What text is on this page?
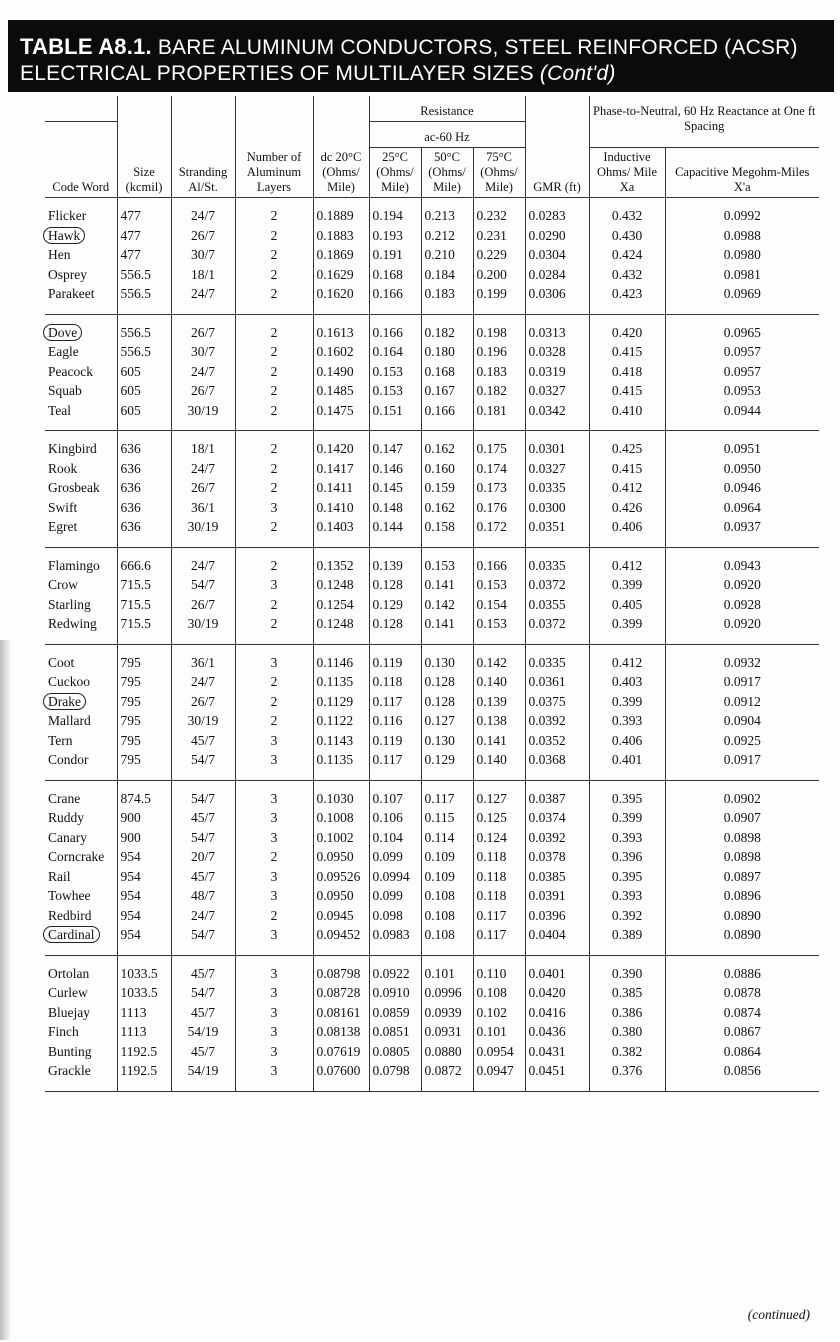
TABLE A8.1. BARE ALUMINUM CONDUCTORS, STEEL REINFORCED (ACSR)
ELECTRICAL PROPERTIES OF MULTILAYER SIZES (Cont'd)
					Resistance				Phase-to-Neutral, 60 Hz Reactance at One ft Spacing	
					ac-60 Hz					
Code Word	Size (kcmil)	Stranding Al/St.	Number of Aluminum Layers	dc 20°C (Ohms/ Mile)	25°C (Ohms/ Mile)	50°C (Ohms/ Mile)	75°C (Ohms/ Mile)	GMR (ft)	Inductive Ohms/ Mile Xa	Capacitive Megohm-Miles X'a
Flicker	477	24/7	2	0.1889	0.194	0.213	0.232	0.0283	0.432	0.0992
Hawk	477	26/7	2	0.1883	0.193	0.212	0.231	0.0290	0.430	0.0988
Hen	477	30/7	2	0.1869	0.191	0.210	0.229	0.0304	0.424	0.0980
Osprey	556.5	18/1	2	0.1629	0.168	0.184	0.200	0.0284	0.432	0.0981
Parakeet	556.5	24/7	2	0.1620	0.166	0.183	0.199	0.0306	0.423	0.0969
Dove	556.5	26/7	2	0.1613	0.166	0.182	0.198	0.0313	0.420	0.0965
Eagle	556.5	30/7	2	0.1602	0.164	0.180	0.196	0.0328	0.415	0.0957
Peacock	605	24/7	2	0.1490	0.153	0.168	0.183	0.0319	0.418	0.0957
Squab	605	26/7	2	0.1485	0.153	0.167	0.182	0.0327	0.415	0.0953
Teal	605	30/19	2	0.1475	0.151	0.166	0.181	0.0342	0.410	0.0944
Kingbird	636	18/1	2	0.1420	0.147	0.162	0.175	0.0301	0.425	0.0951
Rook	636	24/7	2	0.1417	0.146	0.160	0.174	0.0327	0.415	0.0950
Grosbeak	636	26/7	2	0.1411	0.145	0.159	0.173	0.0335	0.412	0.0946
Swift	636	36/1	3	0.1410	0.148	0.162	0.176	0.0300	0.426	0.0964
Egret	636	30/19	2	0.1403	0.144	0.158	0.172	0.0351	0.406	0.0937
Flamingo	666.6	24/7	2	0.1352	0.139	0.153	0.166	0.0335	0.412	0.0943
Crow	715.5	54/7	3	0.1248	0.128	0.141	0.153	0.0372	0.399	0.0920
Starling	715.5	26/7	2	0.1254	0.129	0.142	0.154	0.0355	0.405	0.0928
Redwing	715.5	30/19	2	0.1248	0.128	0.141	0.153	0.0372	0.399	0.0920
Coot	795	36/1	3	0.1146	0.119	0.130	0.142	0.0335	0.412	0.0932
Cuckoo	795	24/7	2	0.1135	0.118	0.128	0.140	0.0361	0.403	0.0917
Drake	795	26/7	2	0.1129	0.117	0.128	0.139	0.0375	0.399	0.0912
Mallard	795	30/19	2	0.1122	0.116	0.127	0.138	0.0392	0.393	0.0904
Tern	795	45/7	3	0.1143	0.119	0.130	0.141	0.0352	0.406	0.0925
Condor	795	54/7	3	0.1135	0.117	0.129	0.140	0.0368	0.401	0.0917
Crane	874.5	54/7	3	0.1030	0.107	0.117	0.127	0.0387	0.395	0.0902
Ruddy	900	45/7	3	0.1008	0.106	0.115	0.125	0.0374	0.399	0.0907
Canary	900	54/7	3	0.1002	0.104	0.114	0.124	0.0392	0.393	0.0898
Corncrake	954	20/7	2	0.0950	0.099	0.109	0.118	0.0378	0.396	0.0898
Rail	954	45/7	3	0.09526	0.0994	0.109	0.118	0.0385	0.395	0.0897
Towhee	954	48/7	3	0.0950	0.099	0.108	0.118	0.0391	0.393	0.0896
Redbird	954	24/7	2	0.0945	0.098	0.108	0.117	0.0396	0.392	0.0890
Cardinal	954	54/7	3	0.09452	0.0983	0.108	0.117	0.0404	0.389	0.0890
Ortolan	1033.5	45/7	3	0.08798	0.0922	0.101	0.110	0.0401	0.390	0.0886
Curlew	1033.5	54/7	3	0.08728	0.0910	0.0996	0.108	0.0420	0.385	0.0878
Bluejay	1113	45/7	3	0.08161	0.0859	0.0939	0.102	0.0416	0.386	0.0874
Finch	1113	54/19	3	0.08138	0.0851	0.0931	0.101	0.0436	0.380	0.0867
Bunting	1192.5	45/7	3	0.07619	0.0805	0.0880	0.0954	0.0431	0.382	0.0864
Grackle	1192.5	54/19	3	0.07600	0.0798	0.0872	0.0947	0.0451	0.376	0.0856
(continued)
